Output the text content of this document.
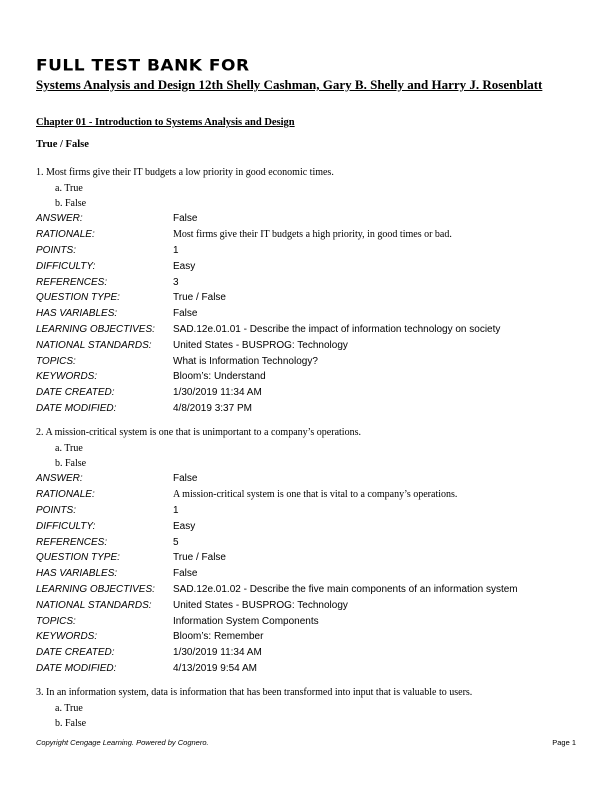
FULL TEST BANK FOR
Systems Analysis and Design 12th Shelly Cashman, Gary B. Shelly and Harry J. Rosenblatt
Chapter 01 - Introduction to Systems Analysis and Design
True / False
1. Most firms give their IT budgets a low priority in good economic times.
a. True
b. False
ANSWER:	False
RATIONALE:	Most firms give their IT budgets a high priority, in good times or bad.
POINTS:	1
DIFFICULTY:	Easy
REFERENCES:	3
QUESTION TYPE:	True / False
HAS VARIABLES:	False
LEARNING OBJECTIVES:	SAD.12e.01.01 - Describe the impact of information technology on society
NATIONAL STANDARDS:	United States - BUSPROG: Technology
TOPICS:	What is Information Technology?
KEYWORDS:	Bloom’s: Understand
DATE CREATED:	1/30/2019 11:34 AM
DATE MODIFIED:	4/8/2019 3:37 PM
2. A mission-critical system is one that is unimportant to a company’s operations.
a. True
b. False
ANSWER:	False
RATIONALE:	A mission-critical system is one that is vital to a company’s operations.
POINTS:	1
DIFFICULTY:	Easy
REFERENCES:	5
QUESTION TYPE:	True / False
HAS VARIABLES:	False
LEARNING OBJECTIVES:	SAD.12e.01.02 - Describe the five main components of an information system
NATIONAL STANDARDS:	United States - BUSPROG: Technology
TOPICS:	Information System Components
KEYWORDS:	Bloom’s: Remember
DATE CREATED:	1/30/2019 11:34 AM
DATE MODIFIED:	4/13/2019 9:54 AM
3. In an information system, data is information that has been transformed into input that is valuable to users.
a. True
b. False
Copyright Cengage Learning. Powered by Cognero.	Page 1
